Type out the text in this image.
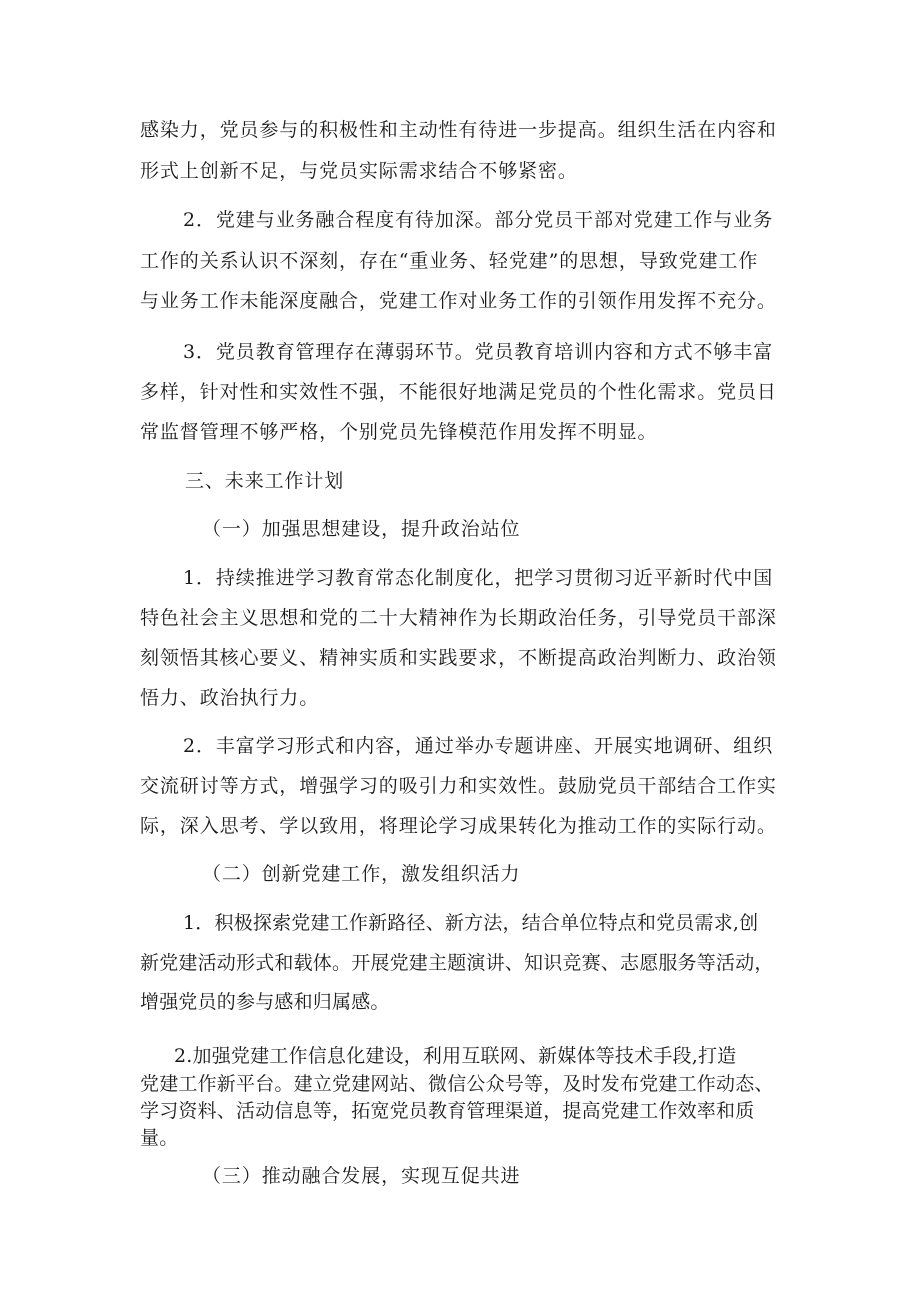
感染力，党员参与的积极性和主动性有待进一步提高。组织生活在内容和
形式上创新不足，与党员实际需求结合不够紧密。
2．党建与业务融合程度有待加深。部分党员干部对党建工作与业务
工作的关系认识不深刻，存在“重业务、轻党建”的思想，导致党建工作
与业务工作未能深度融合，党建工作对业务工作的引领作用发挥不充分。
3．党员教育管理存在薄弱环节。党员教育培训内容和方式不够丰富
多样，针对性和实效性不强，不能很好地满足党员的个性化需求。党员日
常监督管理不够严格，个别党员先锋模范作用发挥不明显。
三、未来工作计划
（一）加强思想建设，提升政治站位
1．持续推进学习教育常态化制度化，把学习贯彻习近平新时代中国
特色社会主义思想和党的二十大精神作为长期政治任务，引导党员干部深
刻领悟其核心要义、精神实质和实践要求，不断提高政治判断力、政治领
悟力、政治执行力。
2．丰富学习形式和内容，通过举办专题讲座、开展实地调研、组织
交流研讨等方式，增强学习的吸引力和实效性。鼓励党员干部结合工作实
际，深入思考、学以致用，将理论学习成果转化为推动工作的实际行动。
（二）创新党建工作，激发组织活力
1．积极探索党建工作新路径、新方法，结合单位特点和党员需求,创
新党建活动形式和载体。开展党建主题演讲、知识竞赛、志愿服务等活动，
增强党员的参与感和归属感。
2.加强党建工作信息化建设，利用互联网、新媒体等技术手段,打造
党建工作新平台。建立党建网站、微信公众号等，及时发布党建工作动态、
学习资料、活动信息等，拓宽党员教育管理渠道，提高党建工作效率和质
量。
（三）推动融合发展，实现互促共进
